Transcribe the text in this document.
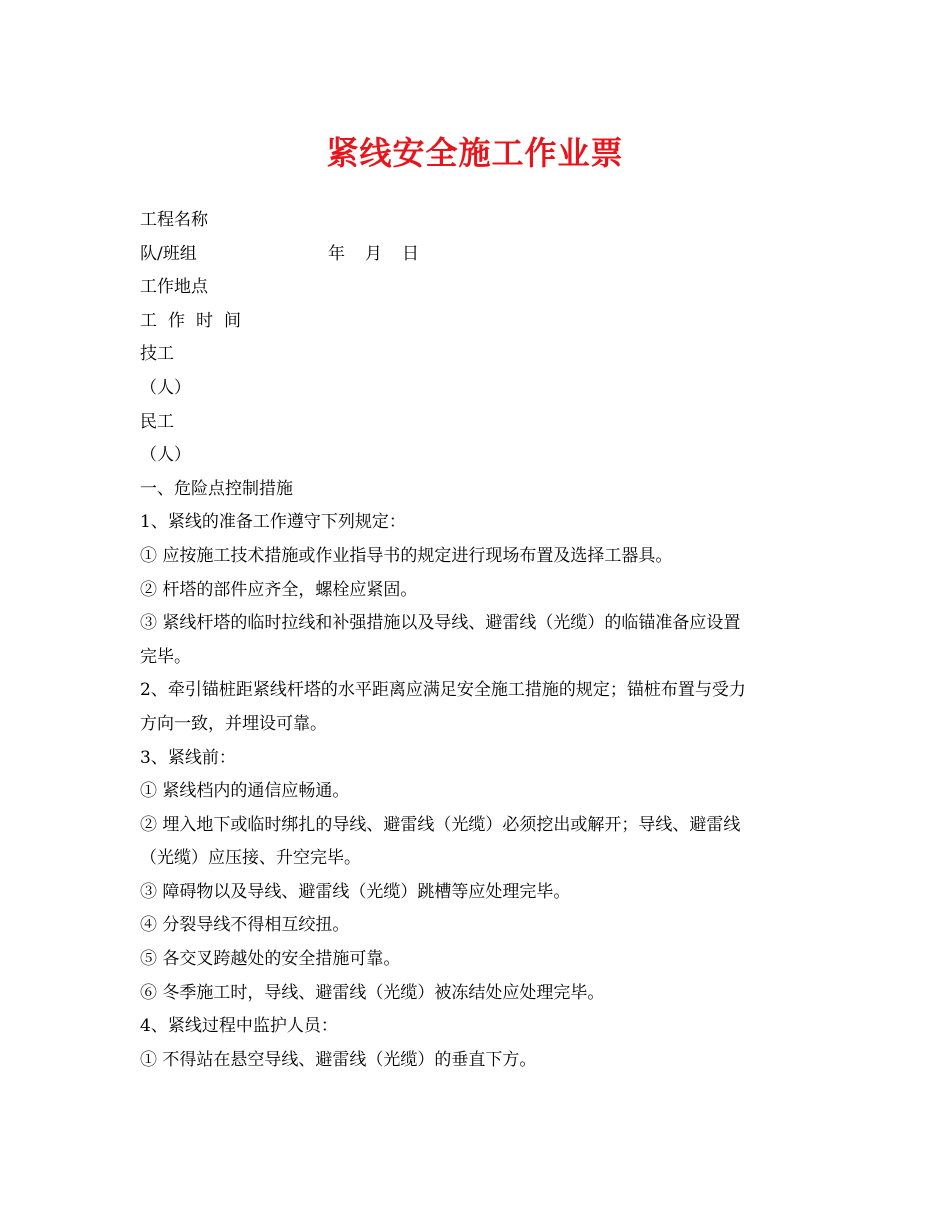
紧线安全施工作业票
工程名称
队/班组	年 月 日
工作地点
工 作 时 间
技工
（人）
民工
（人）
一、危险点控制措施
1、紧线的准备工作遵守下列规定：
① 应按施工技术措施或作业指导书的规定进行现场布置及选择工器具。
② 杆塔的部件应齐全，螺栓应紧固。
③ 紧线杆塔的临时拉线和补强措施以及导线、避雷线（光缆）的临锚准备应设置
完毕。
2、牵引锚桩距紧线杆塔的水平距离应满足安全施工措施的规定；锚桩布置与受力
方向一致，并埋设可靠。
3、紧线前：
① 紧线档内的通信应畅通。
② 埋入地下或临时绑扎的导线、避雷线（光缆）必须挖出或解开；导线、避雷线
（光缆）应压接、升空完毕。
③ 障碍物以及导线、避雷线（光缆）跳槽等应处理完毕。
④ 分裂导线不得相互绞扭。
⑤ 各交叉跨越处的安全措施可靠。
⑥ 冬季施工时，导线、避雷线（光缆）被冻结处应处理完毕。
4、紧线过程中监护人员：
① 不得站在悬空导线、避雷线（光缆）的垂直下方。
